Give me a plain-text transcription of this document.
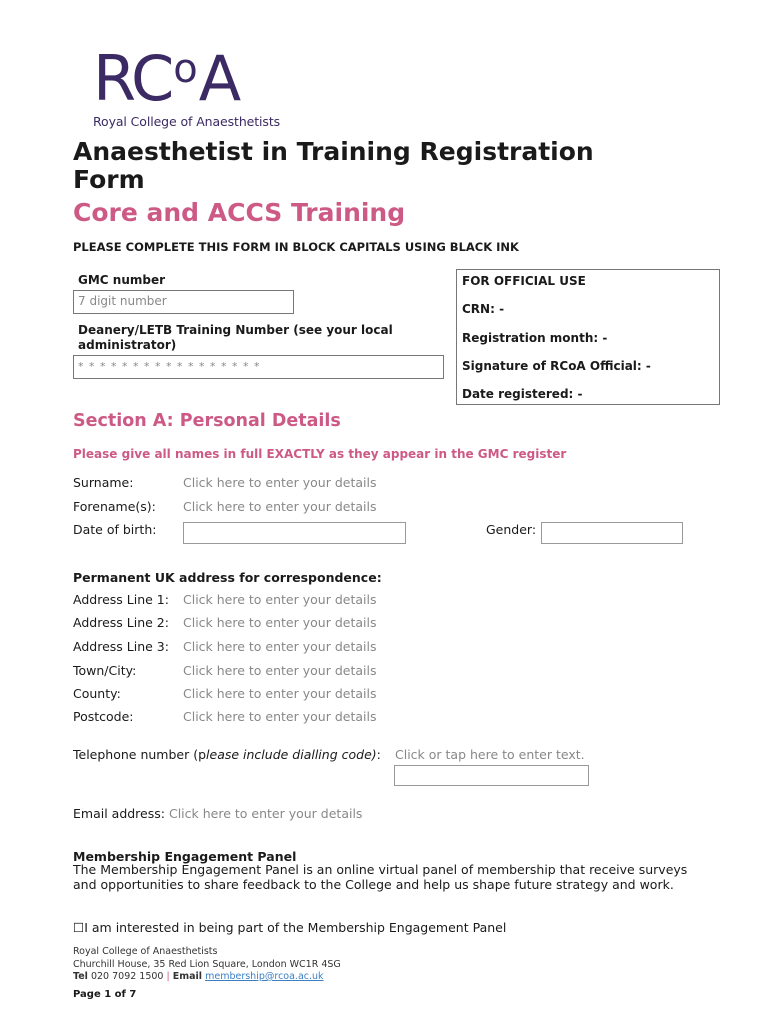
$RC^oA$
Royal College of Anaesthetists
Anaesthetist in Training Registration Form
Core and ACCS Training
PLEASE COMPLETE THIS FORM IN BLOCK CAPITALS USING BLACK INK
GMC number
7 digit number
Deanery/LETB Training Number (see your local administrator)
* * * * * * * * * * * * * * * * *
FOR OFFICIAL USE
CRN: -
Registration month: -
Signature of RCoA Official: -
Date registered: -
Section A: Personal Details
Please give all names in full EXACTLY as they appear in the GMC register
Surname:	Click here to enter your details
Forename(s): Click here to enter your details
Date of birth:	Gender:
Permanent UK address for correspondence:
Address Line 1: Click here to enter your details
Address Line 2: Click here to enter your details
Address Line 3: Click here to enter your details
Town/City:	Click here to enter your details
County:	Click here to enter your details
Postcode:	Click here to enter your details
Telephone number (please include dialling code): Click or tap here to enter text.
Email address: Click here to enter your details
Membership Engagement Panel
The Membership Engagement Panel is an online virtual panel of membership that receive surveys and opportunities to share feedback to the College and help us shape future strategy and work.
☐I am interested in being part of the Membership Engagement Panel
Royal College of Anaesthetists
Churchill House, 35 Red Lion Square, London WC1R 4SG
Tel 020 7092 1500 | Email membership@rcoa.ac.uk
Page 1 of 7
